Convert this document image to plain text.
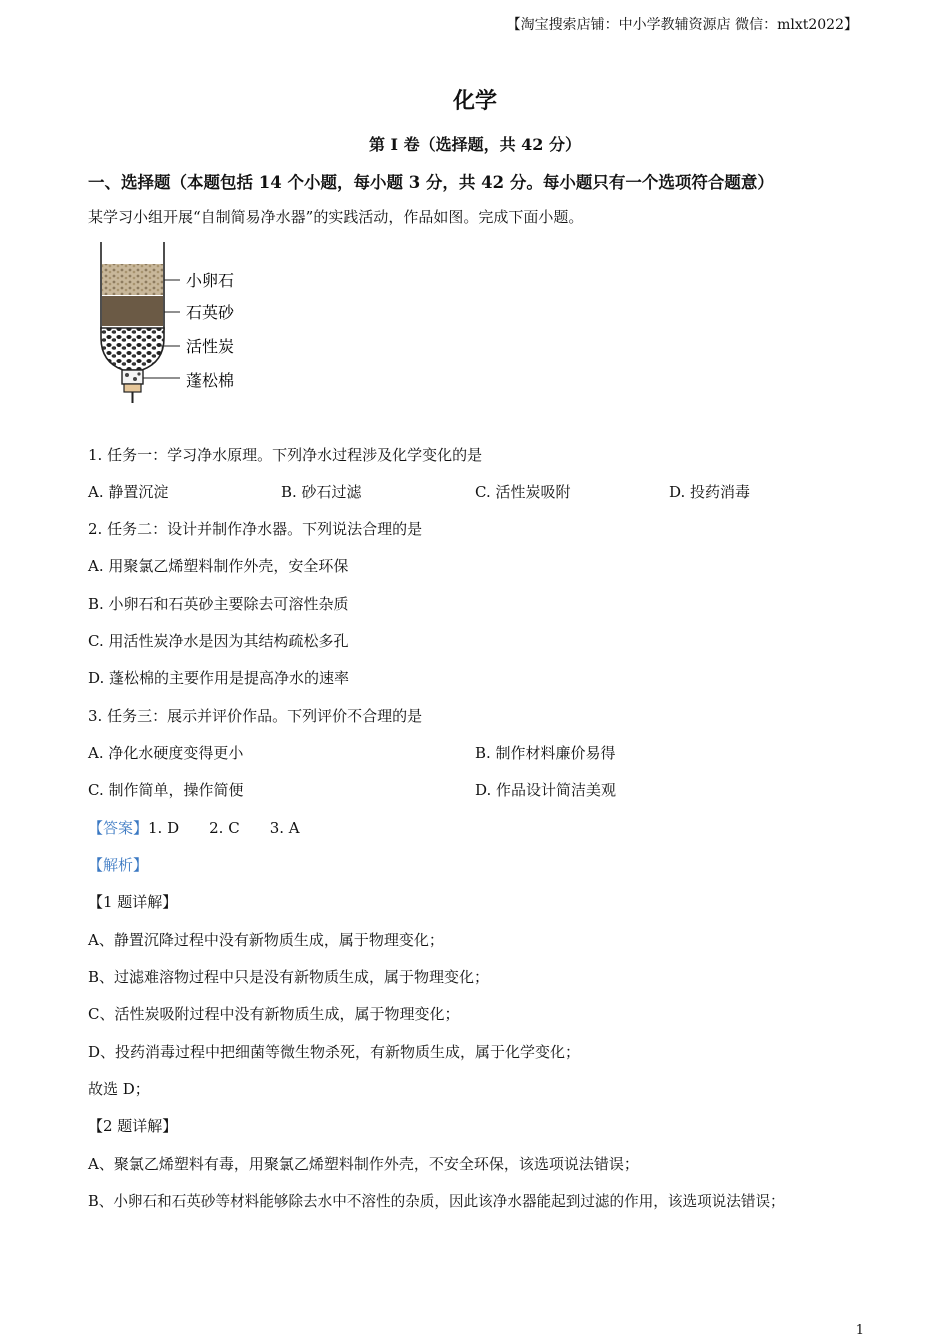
【淘宝搜索店铺：中小学教辅资源店 微信：mlxt2022】
化学
第 I 卷（选择题，共 42 分）
一、选择题（本题包括 14 个小题，每小题 3 分，共 42 分。每小题只有一个选项符合题意）
某学习小组开展“自制简易净水器”的实践活动，作品如图。完成下面小题。
小卵石
石英砂
活性炭
蓬松棉
1. 任务一：学习净水原理。下列净水过程涉及化学变化的是
A. 静置沉淀	B. 砂石过滤	C. 活性炭吸附	D. 投药消毒
2. 任务二：设计并制作净水器。下列说法合理的是
A. 用聚氯乙烯塑料制作外壳，安全环保
B. 小卵石和石英砂主要除去可溶性杂质
C. 用活性炭净水是因为其结构疏松多孔
D. 蓬松棉的主要作用是提高净水的速率
3. 任务三：展示并评价作品。下列评价不合理的是
A. 净化水硬度变得更小	B. 制作材料廉价易得
C. 制作简单，操作简便	D. 作品设计简洁美观
【答案】1. D 2. C 3. A
【解析】
【1 题详解】
A、静置沉降过程中没有新物质生成，属于物理变化；
B、过滤难溶物过程中只是没有新物质生成，属于物理变化；
C、活性炭吸附过程中没有新物质生成，属于物理变化；
D、投药消毒过程中把细菌等微生物杀死，有新物质生成，属于化学变化；
故选 D；
【2 题详解】
A、聚氯乙烯塑料有毒，用聚氯乙烯塑料制作外壳，不安全环保，该选项说法错误；
B、小卵石和石英砂等材料能够除去水中不溶性的杂质，因此该净水器能起到过滤的作用，该选项说法错误；
1
